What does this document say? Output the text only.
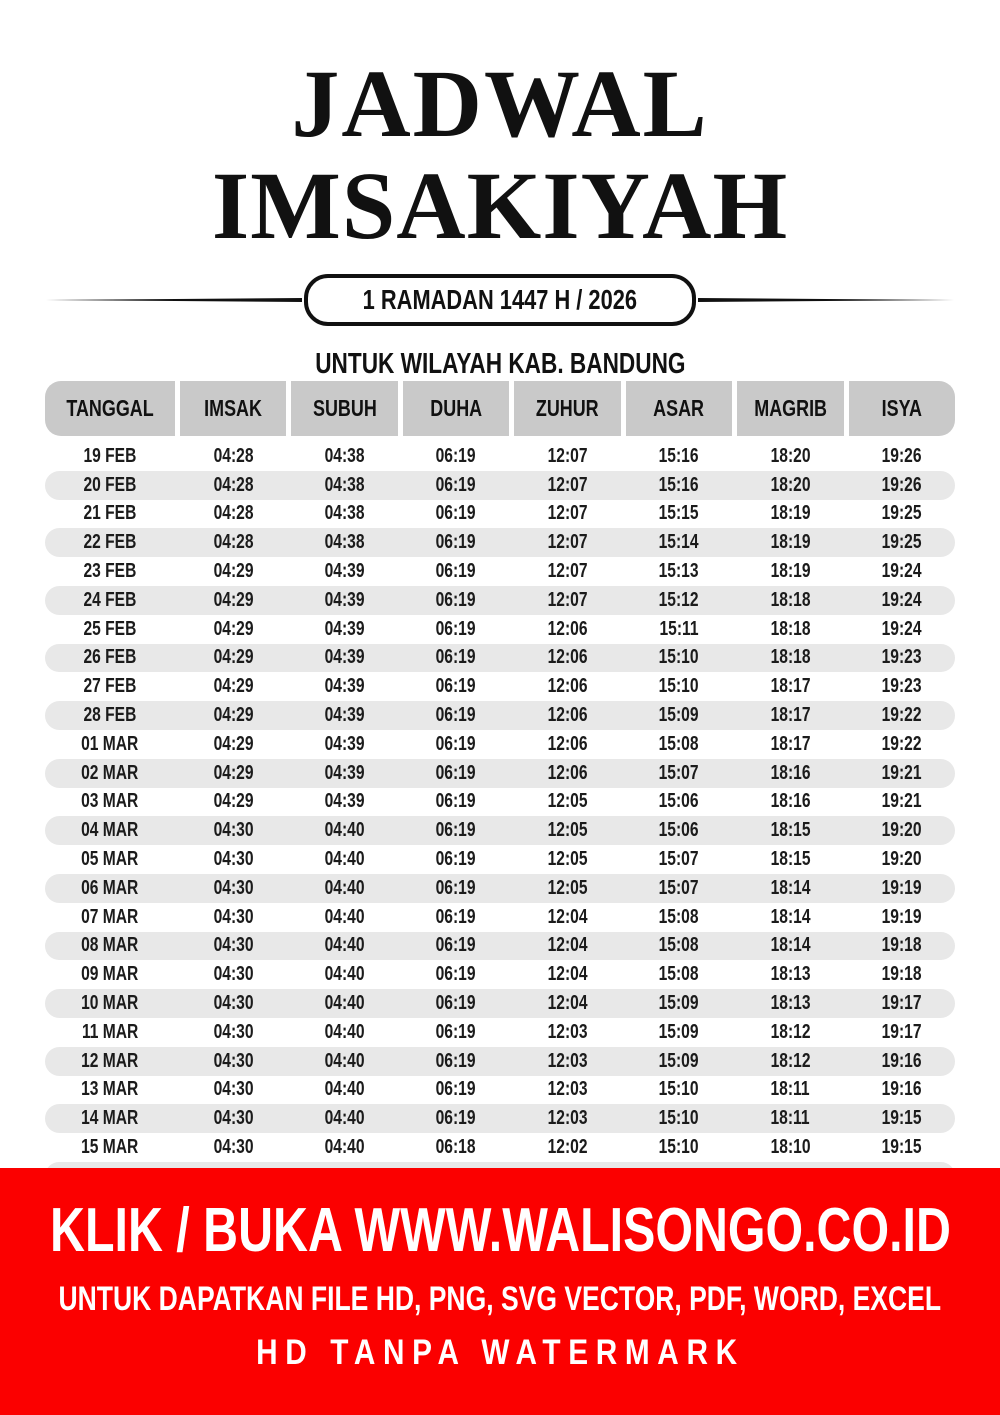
JADWAL
IMSAKIYAH
1 RAMADAN 1447 H / 2026
UNTUK WILAYAH KAB. BANDUNG
TANGGAL IMSAK SUBUH DUHA ZUHUR ASAR MAGRIB ISYA
19 FEB	04:28	04:38	06:19	12:07	15:16	18:20	19:26
20 FEB	04:28	04:38	06:19	12:07	15:16	18:20	19:26
21 FEB	04:28	04:38	06:19	12:07	15:15	18:19	19:25
22 FEB	04:28	04:38	06:19	12:07	15:14	18:19	19:25
23 FEB	04:29	04:39	06:19	12:07	15:13	18:19	19:24
24 FEB	04:29	04:39	06:19	12:07	15:12	18:18	19:24
25 FEB	04:29	04:39	06:19	12:06	15:11	18:18	19:24
26 FEB	04:29	04:39	06:19	12:06	15:10	18:18	19:23
27 FEB	04:29	04:39	06:19	12:06	15:10	18:17	19:23
28 FEB	04:29	04:39	06:19	12:06	15:09	18:17	19:22
01 MAR	04:29	04:39	06:19	12:06	15:08	18:17	19:22
02 MAR	04:29	04:39	06:19	12:06	15:07	18:16	19:21
03 MAR	04:29	04:39	06:19	12:05	15:06	18:16	19:21
04 MAR	04:30	04:40	06:19	12:05	15:06	18:15	19:20
05 MAR	04:30	04:40	06:19	12:05	15:07	18:15	19:20
06 MAR	04:30	04:40	06:19	12:05	15:07	18:14	19:19
07 MAR	04:30	04:40	06:19	12:04	15:08	18:14	19:19
08 MAR	04:30	04:40	06:19	12:04	15:08	18:14	19:18
09 MAR	04:30	04:40	06:19	12:04	15:08	18:13	19:18
10 MAR	04:30	04:40	06:19	12:04	15:09	18:13	19:17
11 MAR	04:30	04:40	06:19	12:03	15:09	18:12	19:17
12 MAR	04:30	04:40	06:19	12:03	15:09	18:12	19:16
13 MAR	04:30	04:40	06:19	12:03	15:10	18:11	19:16
14 MAR	04:30	04:40	06:19	12:03	15:10	18:11	19:15
15 MAR	04:30	04:40	06:18	12:02	15:10	18:10	19:15
KLIK / BUKA WWW.WALISONGO.CO.ID
UNTUK DAPATKAN FILE HD, PNG, SVG VECTOR, PDF, WORD, EXCEL
HD TANPA WATERMARK
